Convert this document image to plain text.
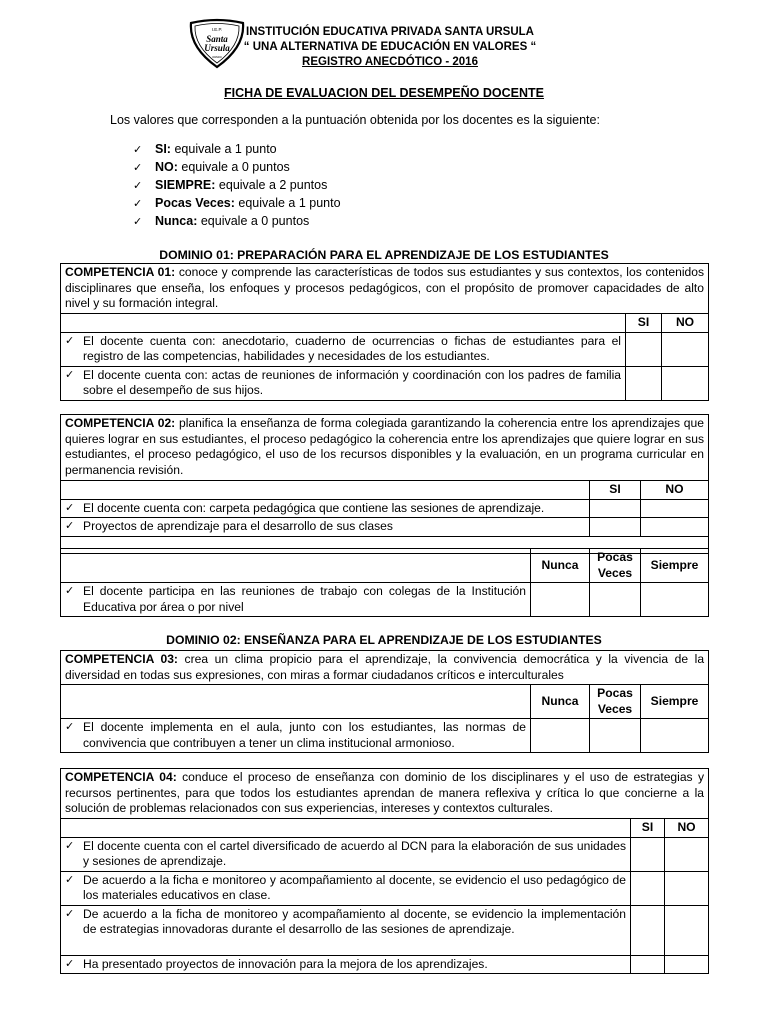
I.E.P.
Santa
Ursula
cusco
INSTITUCIÓN EDUCATIVA PRIVADA SANTA URSULA
“ UNA ALTERNATIVA DE EDUCACIÓN EN VALORES “
REGISTRO ANECDÓTICO - 2016
FICHA DE EVALUACION DEL DESEMPEÑO DOCENTE
Los valores que corresponden a la puntuación obtenida por los docentes es la siguiente:
✓ SI: equivale a 1 punto
✓ NO: equivale a 0 puntos
✓ SIEMPRE: equivale a 2 puntos
✓ Pocas Veces: equivale a 1 punto
✓ Nunca: equivale a 0 puntos
DOMINIO 01: PREPARACIÓN PARA EL APRENDIZAJE DE LOS ESTUDIANTES
COMPETENCIA 01: conoce y comprende las características de todos sus estudiantes y sus contextos, los contenidos disciplinares que enseña, los enfoques y procesos pedagógicos, con el propósito de promover capacidades de alto nivel y su formación integral.		
	SI	NO

✓ El docente cuenta con: anecdotario, cuaderno de ocurrencias o fichas de estudiantes para el registro de las competencias, habilidades y necesidades de los estudiantes.		

✓ El docente cuenta con: actas de reuniones de información y coordinación con los padres de familia sobre el desempeño de sus hijos.		

COMPETENCIA 02: planifica la enseñanza de forma colegiada garantizando la coherencia entre los aprendizajes que quieres lograr en sus estudiantes, el proceso pedagógico la coherencia entre los aprendizajes que quiere lograr en sus estudiantes, el proceso pedagógico, el uso de los recursos disponibles y la evaluación, en un programa curricular en permanencia revisión.		
	SI	NO

✓ El docente cuenta con: carpeta pedagógica que contiene las sesiones de aprendizaje.		

✓ Proyectos de aprendizaje para el desarrollo de sus clases		

	Nunca	Pocas Veces	Siempre

✓ El docente participa en las reuniones de trabajo con colegas de la Institución Educativa por área o por nivel			

DOMINIO 02: ENSEÑANZA PARA EL APRENDIZAJE DE LOS ESTUDIANTES
COMPETENCIA 03: crea un clima propicio para el aprendizaje, la convivencia democrática y la vivencia de la diversidad en todas sus expresiones, con miras a formar ciudadanos críticos e interculturales			
	Nunca	Pocas Veces	Siempre

✓ El docente implementa en el aula, junto con los estudiantes, las normas de convivencia que contribuyen a tener un clima institucional armonioso.			

COMPETENCIA 04: conduce el proceso de enseñanza con dominio de los disciplinares y el uso de estrategias y recursos pertinentes, para que todos los estudiantes aprendan de manera reflexiva y crítica lo que concierne a la solución de problemas relacionados con sus experiencias, intereses y contextos culturales.		
	SI	NO

✓ El docente cuenta con el cartel diversificado de acuerdo al DCN para la elaboración de sus unidades y sesiones de aprendizaje.		

✓ De acuerdo a la ficha e monitoreo y acompañamiento al docente, se evidencio el uso pedagógico de los materiales educativos en clase.		

✓ De acuerdo a la ficha de monitoreo y acompañamiento al docente, se evidencio la implementación de estrategias innovadoras durante el desarrollo de las sesiones de aprendizaje.		

✓ Ha presentado proyectos de innovación para la mejora de los aprendizajes.		
